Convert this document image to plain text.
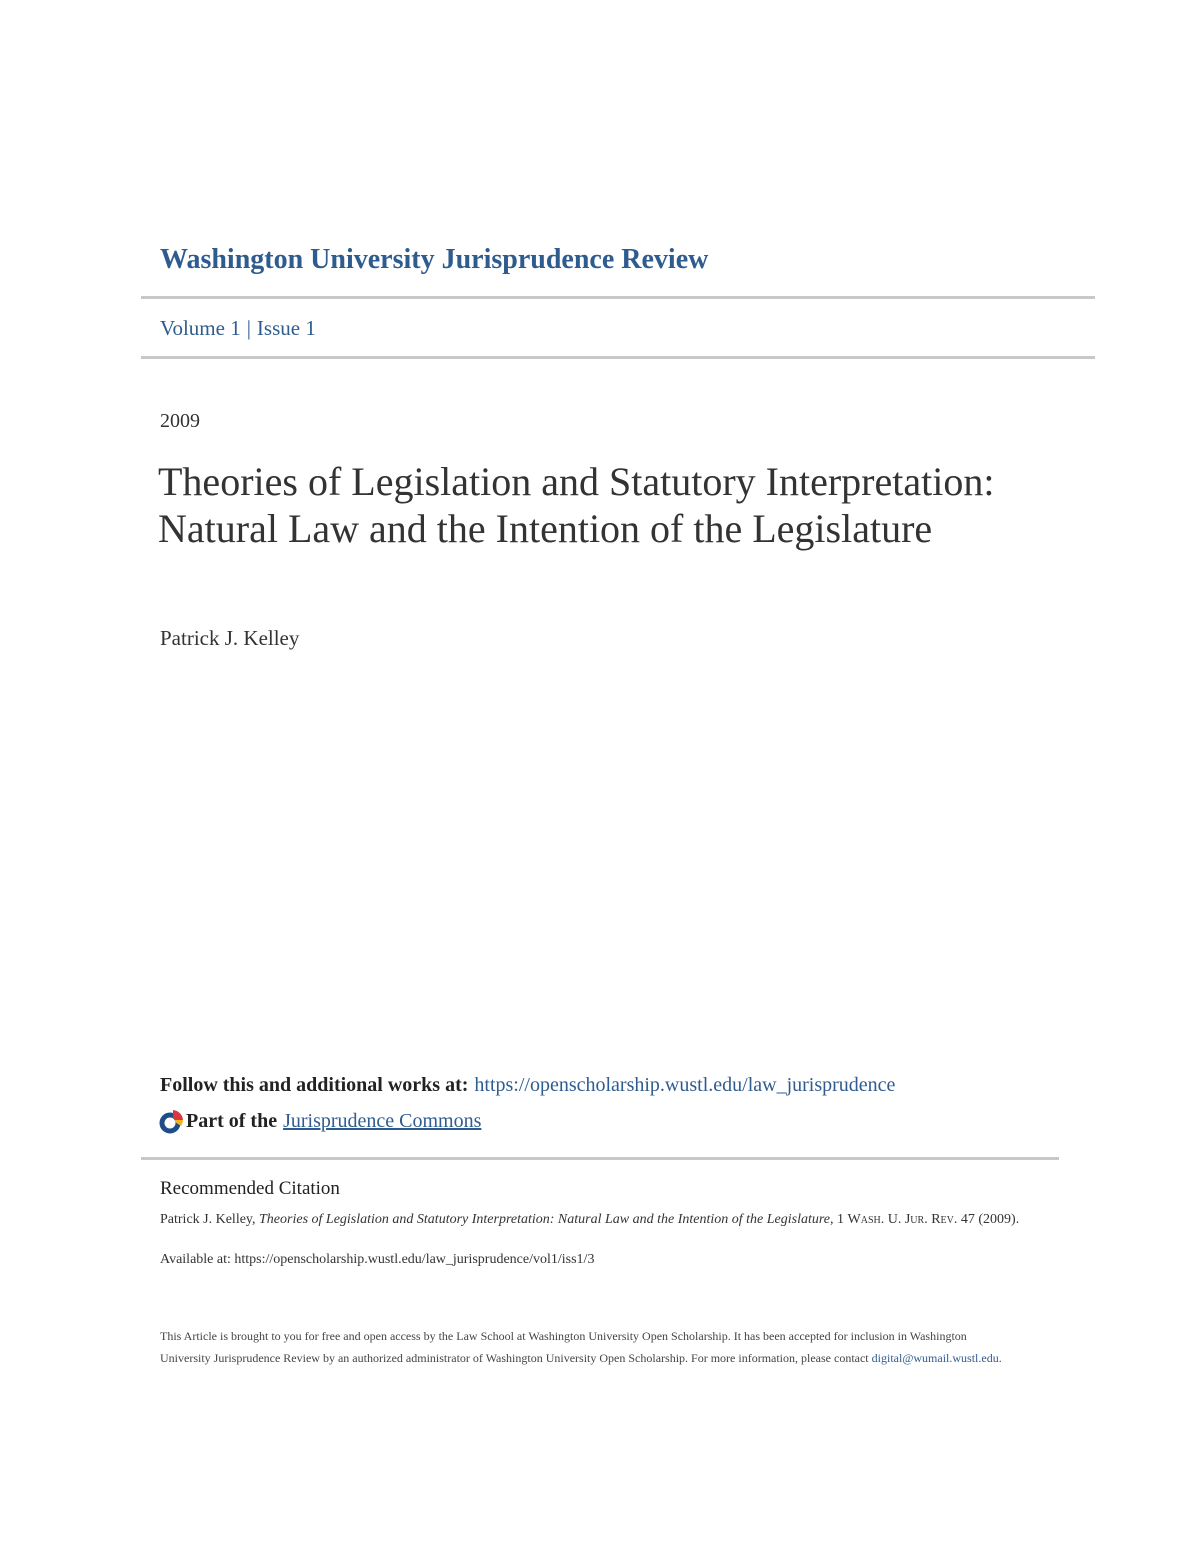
Washington University Jurisprudence Review
Volume 1 | Issue 1
2009
Theories of Legislation and Statutory Interpretation: Natural Law and the Intention of the Legislature
Patrick J. Kelley
Follow this and additional works at: https://openscholarship.wustl.edu/law_jurisprudence
Part of the Jurisprudence Commons
Recommended Citation
Patrick J. Kelley, Theories of Legislation and Statutory Interpretation: Natural Law and the Intention of the Legislature, 1 Wash. U. Jur. Rev. 47 (2009).
Available at: https://openscholarship.wustl.edu/law_jurisprudence/vol1/iss1/3
This Article is brought to you for free and open access by the Law School at Washington University Open Scholarship. It has been accepted for inclusion in Washington University Jurisprudence Review by an authorized administrator of Washington University Open Scholarship. For more information, please contact digital@wumail.wustl.edu.
